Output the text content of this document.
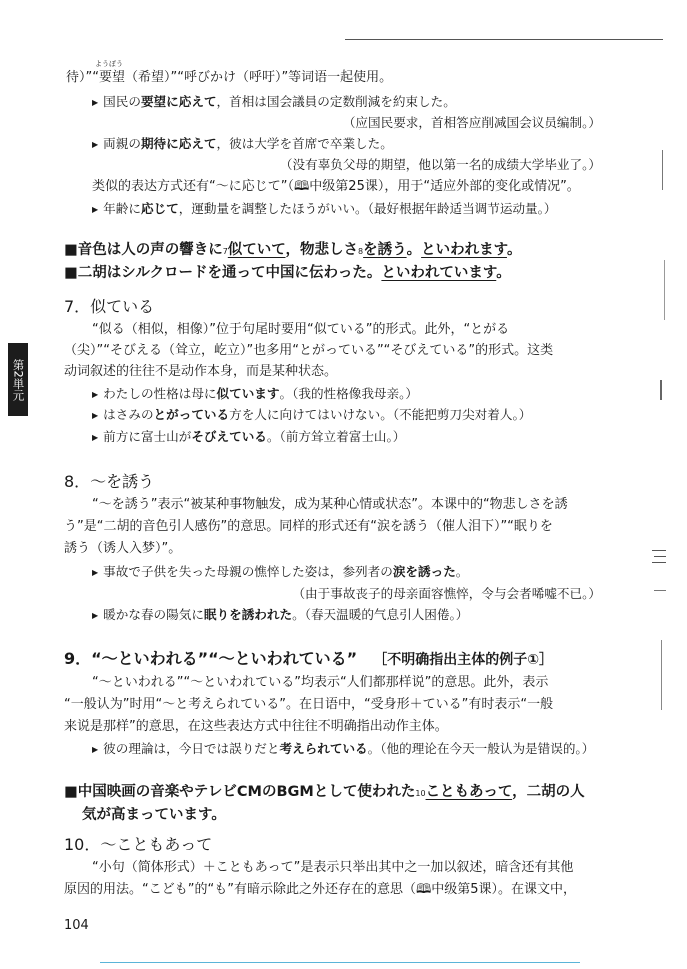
ようぼう
待）”“要望（希望）”“呼びかけ（呼吁）”等词语一起使用。
▶ 国民の要望に応えて，首相は国会議員の定数削減を約束した。
（应国民要求，首相答应削减国会议员编制。）
▶ 両親の期待に応えて，彼は大学を首席で卒業した。
（没有辜负父母的期望，他以第一名的成绩大学毕业了。）
类似的表达方式还有“〜に応じて”（🕮中级第25课），用于“适应外部的变化或情况”。
▶ 年齢に応じて，運動量を調整したほうがいい。（最好根据年龄适当调节运动量。）
■音色は人の声の響きに7似ていて，物悲しさ8を誘う。といわれます。
■二胡はシルクロードを通って中国に伝わった。といわれています。
7．似ている
“似る（相似，相像）”位于句尾时要用“似ている”的形式。此外，“とがる
（尖）”“そびえる（耸立，屹立）”也多用“とがっている”“そびえている”的形式。这类
动词叙述的往往不是动作本身，而是某种状态。
▶ わたしの性格は母に似ています。（我的性格像我母亲。）
▶ はさみのとがっている方を人に向けてはいけない。（不能把剪刀尖对着人。）
▶ 前方に富士山がそびえている。（前方耸立着富士山。）
8．〜を誘う
“〜を誘う”表示“被某种事物触发，成为某种心情或状态”。本课中的“物悲しさを誘
う”是“二胡的音色引人感伤”的意思。同样的形式还有“涙を誘う（催人泪下）”“眠りを
誘う（诱人入梦）”。
▶ 事故で子供を失った母親の憔悴した姿は，参列者の涙を誘った。
（由于事故丧子的母亲面容憔悴，令与会者唏嘘不已。）
▶ 暖かな春の陽気に眠りを誘われた。（春天温暖的气息引人困倦。）
9．“〜といわれる”“〜といわれている” ［不明确指出主体的例子①］
“〜といわれる”“〜といわれている”均表示“人们都那样说”的意思。此外，表示
“一般认为”时用“〜と考えられている”。在日语中，“受身形＋ている”有时表示“一般
来说是那样”的意思，在这些表达方式中往往不明确指出动作主体。
▶ 彼の理論は，今日では誤りだと考えられている。（他的理论在今天一般认为是错误的。）
■中国映画の音楽やテレビCMのBGMとして使われた10こともあって，二胡の人
気が高まっています。
10．〜こともあって
“小句（简体形式）＋こともあって”是表示只举出其中之一加以叙述，暗含还有其他
原因的用法。“こども”的“も”有暗示除此之外还存在的意思（🕮中级第5课）。在课文中，
第2単元
104
